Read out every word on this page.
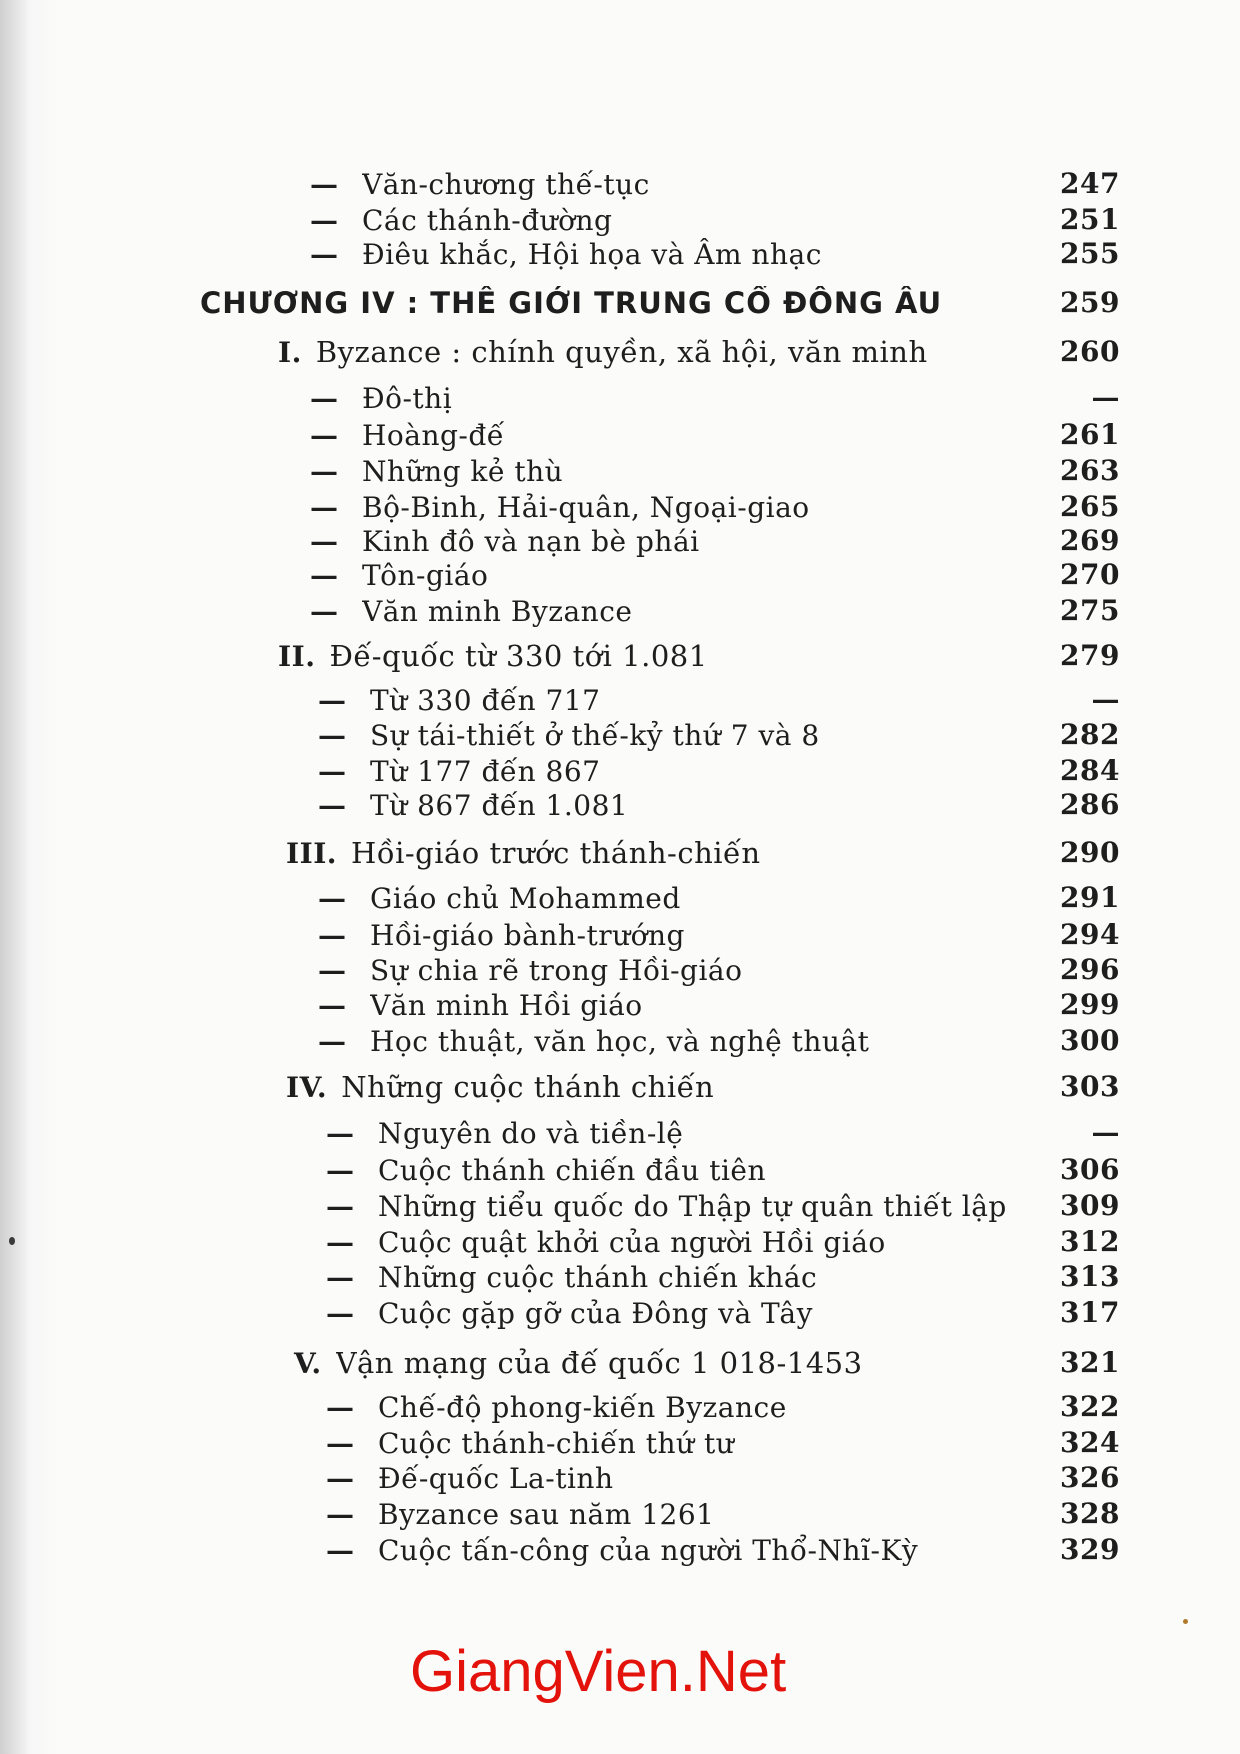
— Văn-chương thế-tục	247
— Các thánh-đường	251
— Điêu khắc, Hội họa và Âm nhạc	255
CHƯƠNG IV : THẾ GIỚI TRUNG CỔ ĐÔNG ÂU	259
I. Byzance : chính quyền, xã hội, văn minh	260
— Đô-thị	—
— Hoàng-đế	261
— Những kẻ thù	263
— Bộ-Binh, Hải-quân, Ngoại-giao	265
— Kinh đô và nạn bè phái	269
— Tôn-giáo	270
— Văn minh Byzance	275
II. Đế-quốc từ 330 tới 1.081	279
— Từ 330 đến 717	—
— Sự tái-thiết ở thế-kỷ thứ 7 và 8	282
— Từ 177 đến 867	284
— Từ 867 đến 1.081	286
III. Hồi-giáo trước thánh-chiến	290
— Giáo chủ Mohammed	291
— Hồi-giáo bành-trướng	294
— Sự chia rẽ trong Hồi-giáo	296
— Văn minh Hồi giáo	299
— Học thuật, văn học, và nghệ thuật	300
IV. Những cuộc thánh chiến	303
— Nguyên do và tiền-lệ	—
— Cuộc thánh chiến đầu tiên	306
— Những tiểu quốc do Thập tự quân thiết lập	309
— Cuộc quật khởi của người Hồi giáo	312
— Những cuộc thánh chiến khác	313
— Cuộc gặp gỡ của Đông và Tây	317
V. Vận mạng của đế quốc 1 018-1453	321
— Chế-độ phong-kiến Byzance	322
— Cuộc thánh-chiến thứ tư	324
— Đế-quốc La-tinh	326
— Byzance sau năm 1261	328
— Cuộc tấn-công của người Thổ-Nhĩ-Kỳ	329
GiangVien.Net
